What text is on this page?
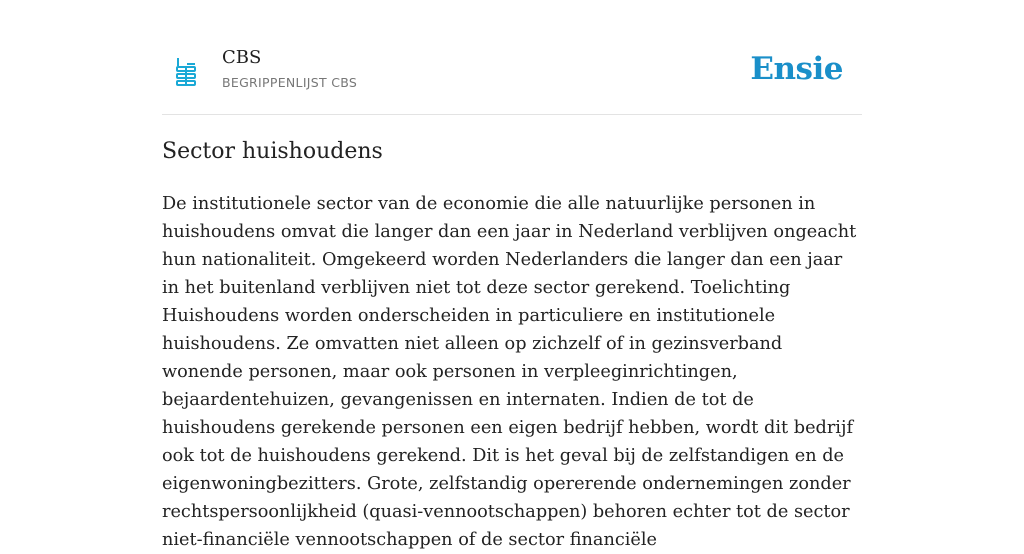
CBS
BEGRIPPENLIJST CBS	Ensie
Sector huishoudens

De institutionele sector van de economie die alle natuurlijke personen in huishoudens omvat die langer dan een jaar in Nederland verblijven ongeacht hun nationaliteit. Omgekeerd worden Nederlanders die langer dan een jaar in het buitenland verblijven niet tot deze sector gerekend. Toelichting Huishoudens worden onderscheiden in particuliere en institutionele huishoudens. Ze omvatten niet alleen op zichzelf of in gezinsverband wonende personen, maar ook personen in verpleeginrichtingen, bejaardentehuizen, gevangenissen en internaten. Indien de tot de huishoudens gerekende personen een eigen bedrijf hebben, wordt dit bedrijf ook tot de huishoudens gerekend. Dit is het geval bij de zelfstandigen en de eigenwoningbezitters. Grote, zelfstandig opererende ondernemingen zonder rechtspersoonlijkheid (quasi-vennootschappen) behoren echter tot de sector niet-financiële vennootschappen of de sector financiële
